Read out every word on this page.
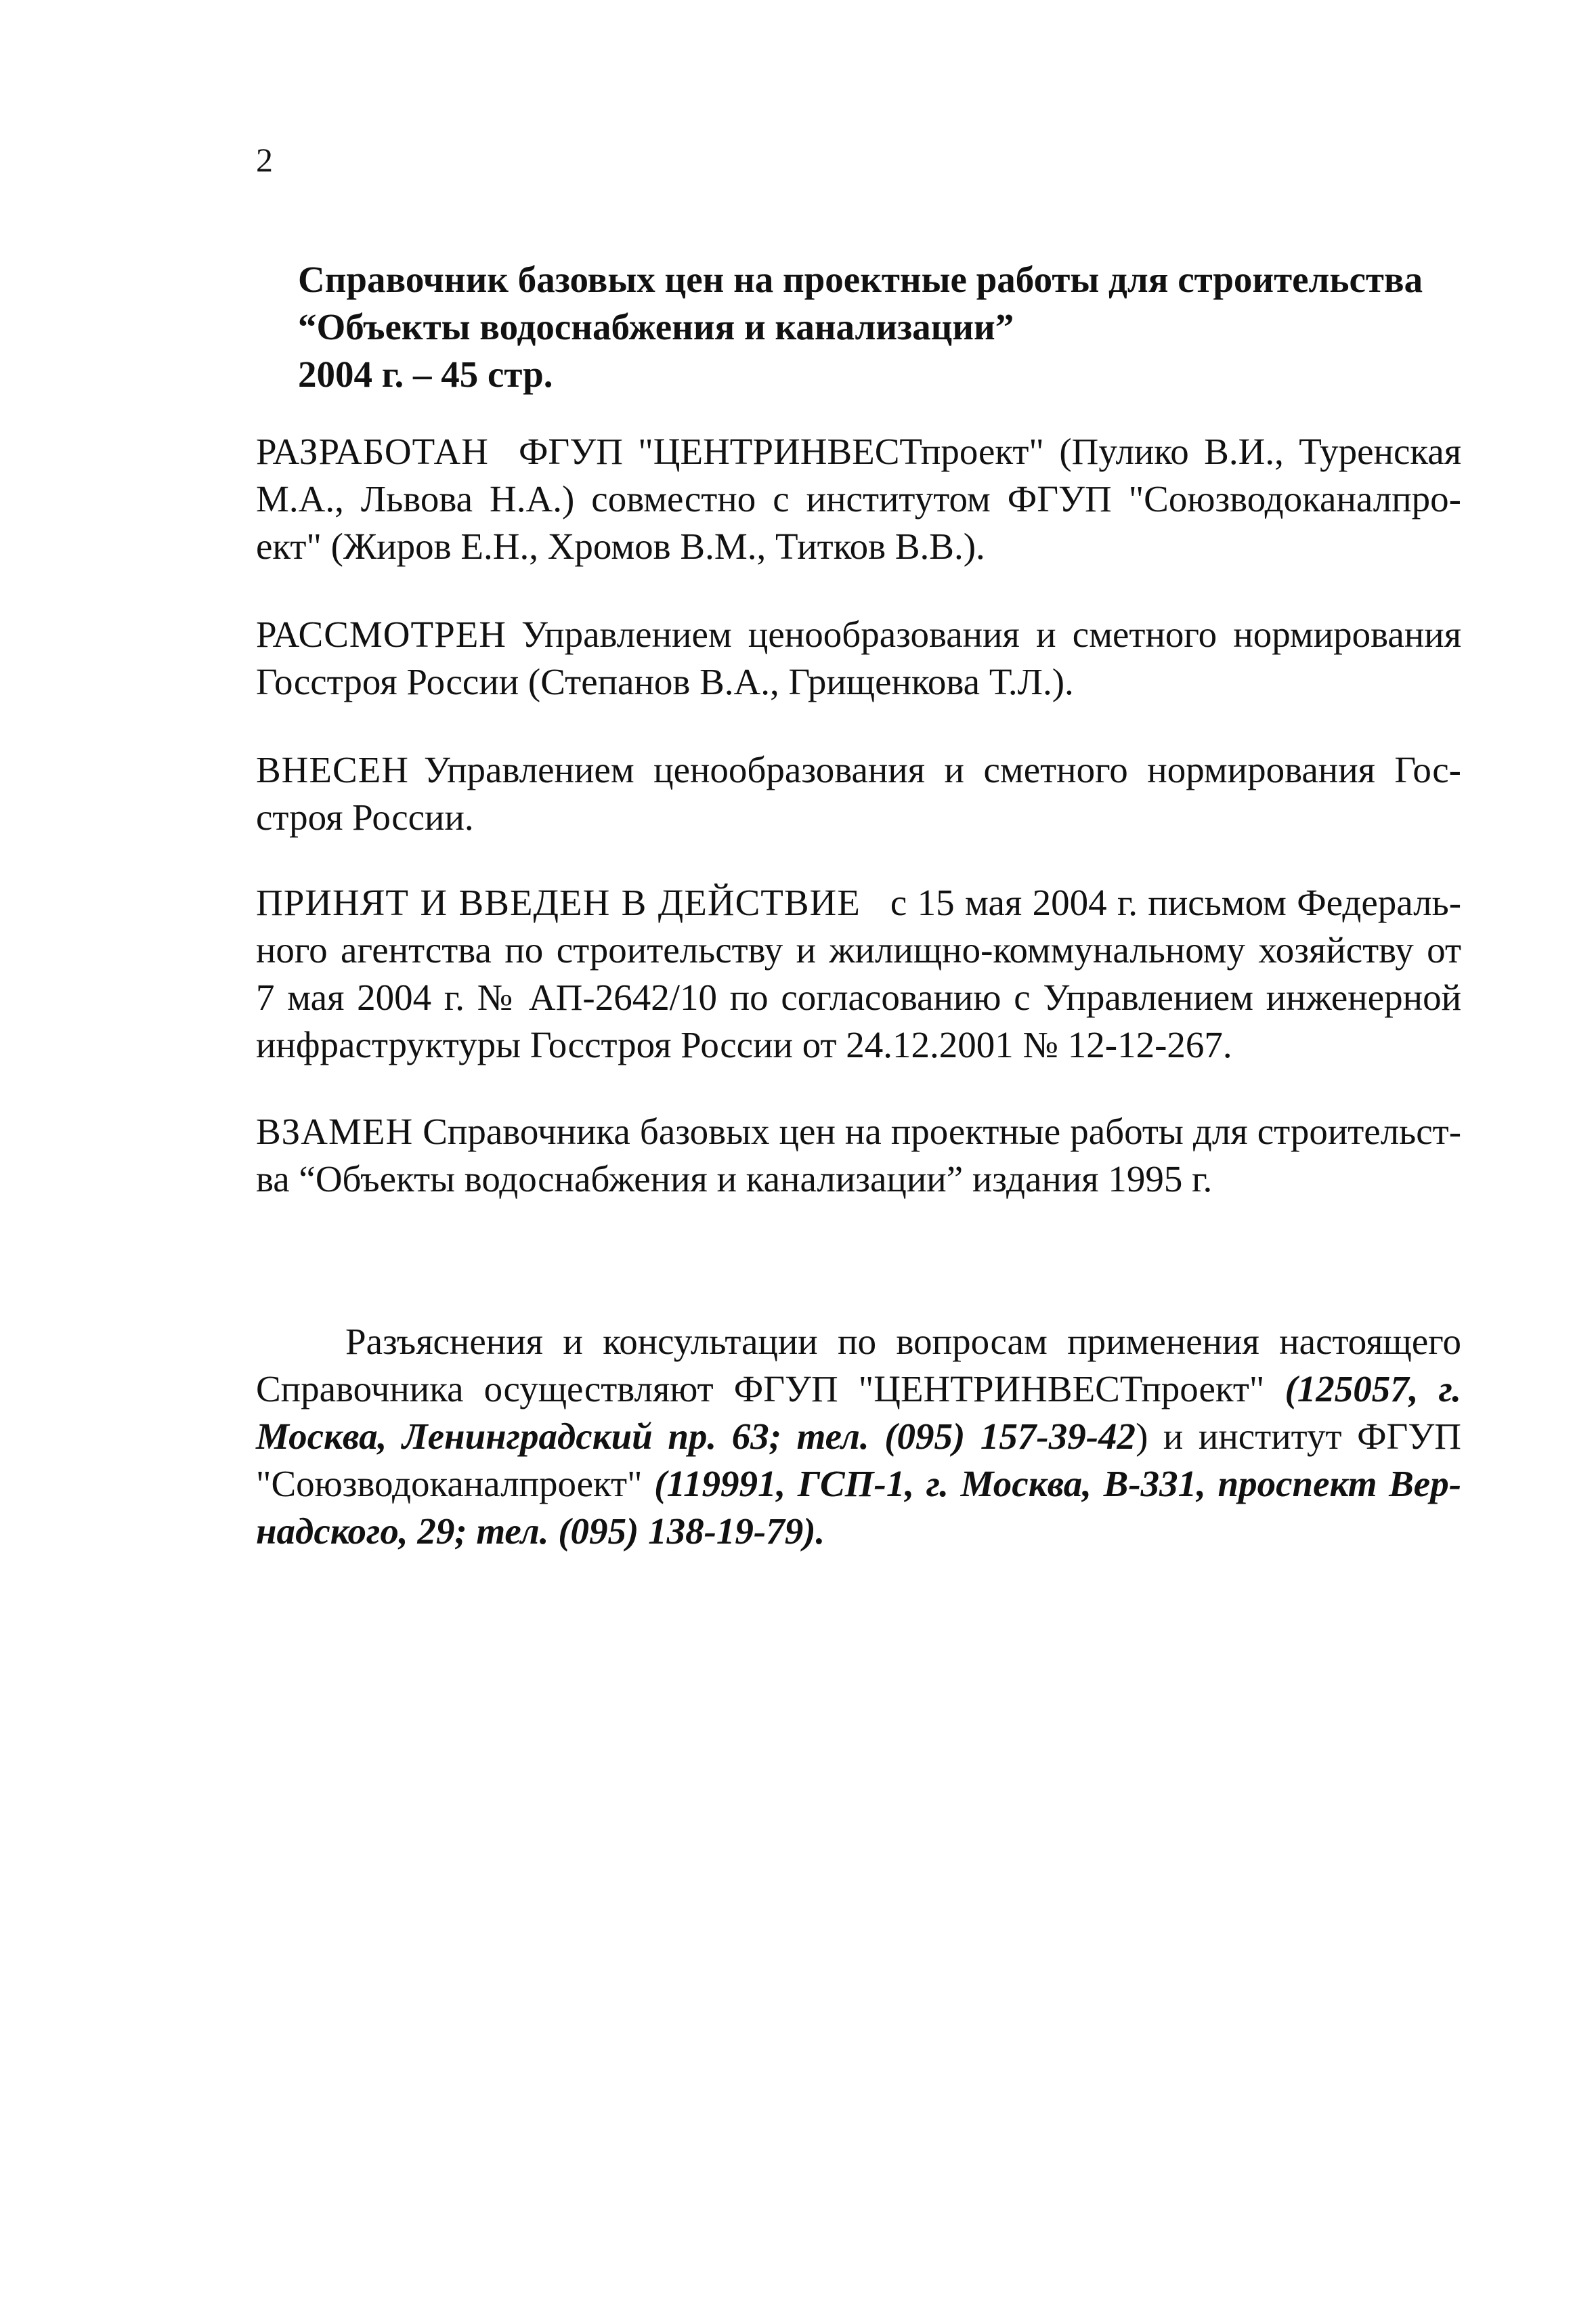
2
Справочник базовых цен на проектные работы для строительства
“Объекты водоснабжения и канализации”
2004 г. – 45 стр.
РАЗРАБОТАН ФГУП "ЦЕНТРИНВЕСТпроект" (Пулико В.И., Туренская
М.А., Львова Н.А.) совместно с институтом ФГУП "Союзводоканалпро-
ект" (Жиров Е.Н., Хромов В.М., Титков В.В.).
РАССМОТРЕН Управлением ценообразования и сметного нормирования
Госстроя России (Степанов В.А., Грищенкова Т.Л.).
ВНЕСЕН Управлением ценообразования и сметного нормирования Гос-
строя России.
ПРИНЯТ И ВВЕДЕН В ДЕЙСТВИЕ с 15 мая 2004 г. письмом Федераль-
ного агентства по строительству и жилищно-коммунальному хозяйству от
7 мая 2004 г. № АП-2642/10 по согласованию с Управлением инженерной
инфраструктуры Госстроя России от 24.12.2001 № 12-12-267.
ВЗАМЕН Справочника базовых цен на проектные работы для строительст-
ва “Объекты водоснабжения и канализации” издания 1995 г.
Разъяснения и консультации по вопросам применения настоящего
Справочника осуществляют ФГУП "ЦЕНТРИНВЕСТпроект" (125057, г.
Москва, Ленинградский пр. 63; тел. (095) 157-39-42) и институт ФГУП
"Союзводоканалпроект" (119991, ГСП-1, г. Москва, В-331, проспект Вер-
надского, 29; тел. (095) 138-19-79).
